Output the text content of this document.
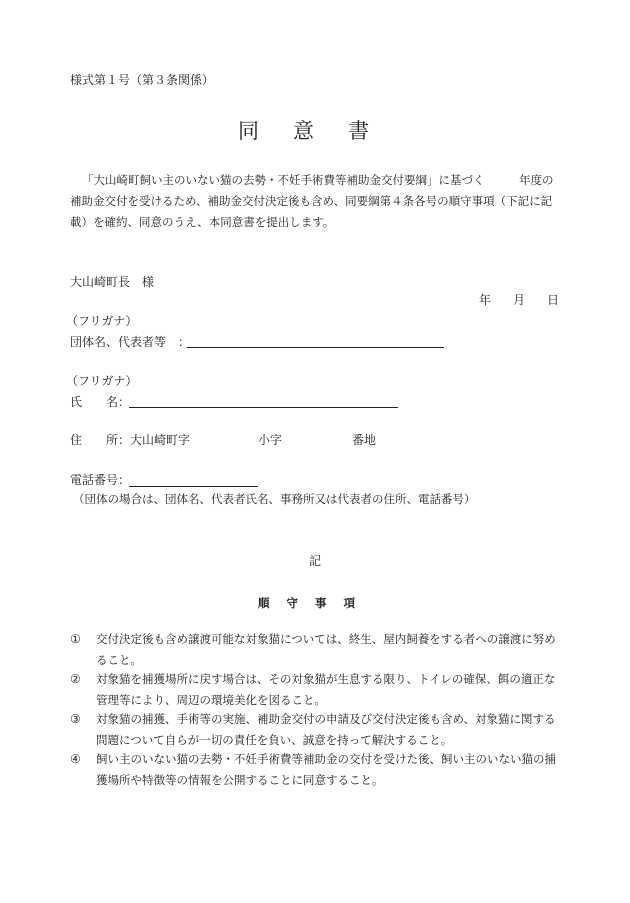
様式第１号（第３条関係）
同意書
「大山崎町飼い主のいない猫の去勢・不妊手術費等補助金交付要綱」に基づく　　　年度の補助金交付を受けるため、補助金交付決定後も含め、同要綱第４条各号の順守事項（下記に記載）を確約、同意のうえ、本同意書を提出します。
大山崎町長　様
年 月 日
（フリガナ）
団体名、代表者等　：
（フリガナ）
氏　　名：
住　　所：大山崎町字	小字	番地
電話番号：
（団体の場合は、団体名、代表者氏名、事務所又は代表者の住所、電話番号）
記
順守事項
① 交付決定後も含め譲渡可能な対象猫については、終生、屋内飼養をする者への譲渡に努めること。
② 対象猫を捕獲場所に戻す場合は、その対象猫が生息する限り、トイレの確保、餌の適正な管理等により、周辺の環境美化を図ること。
③ 対象猫の捕獲、手術等の実施、補助金交付の申請及び交付決定後も含め、対象猫に関する問題について自らが一切の責任を負い、誠意を持って解決すること。
④ 飼い主のいない猫の去勢・不妊手術費等補助金の交付を受けた後、飼い主のいない猫の捕獲場所や特徴等の情報を公開することに同意すること。
